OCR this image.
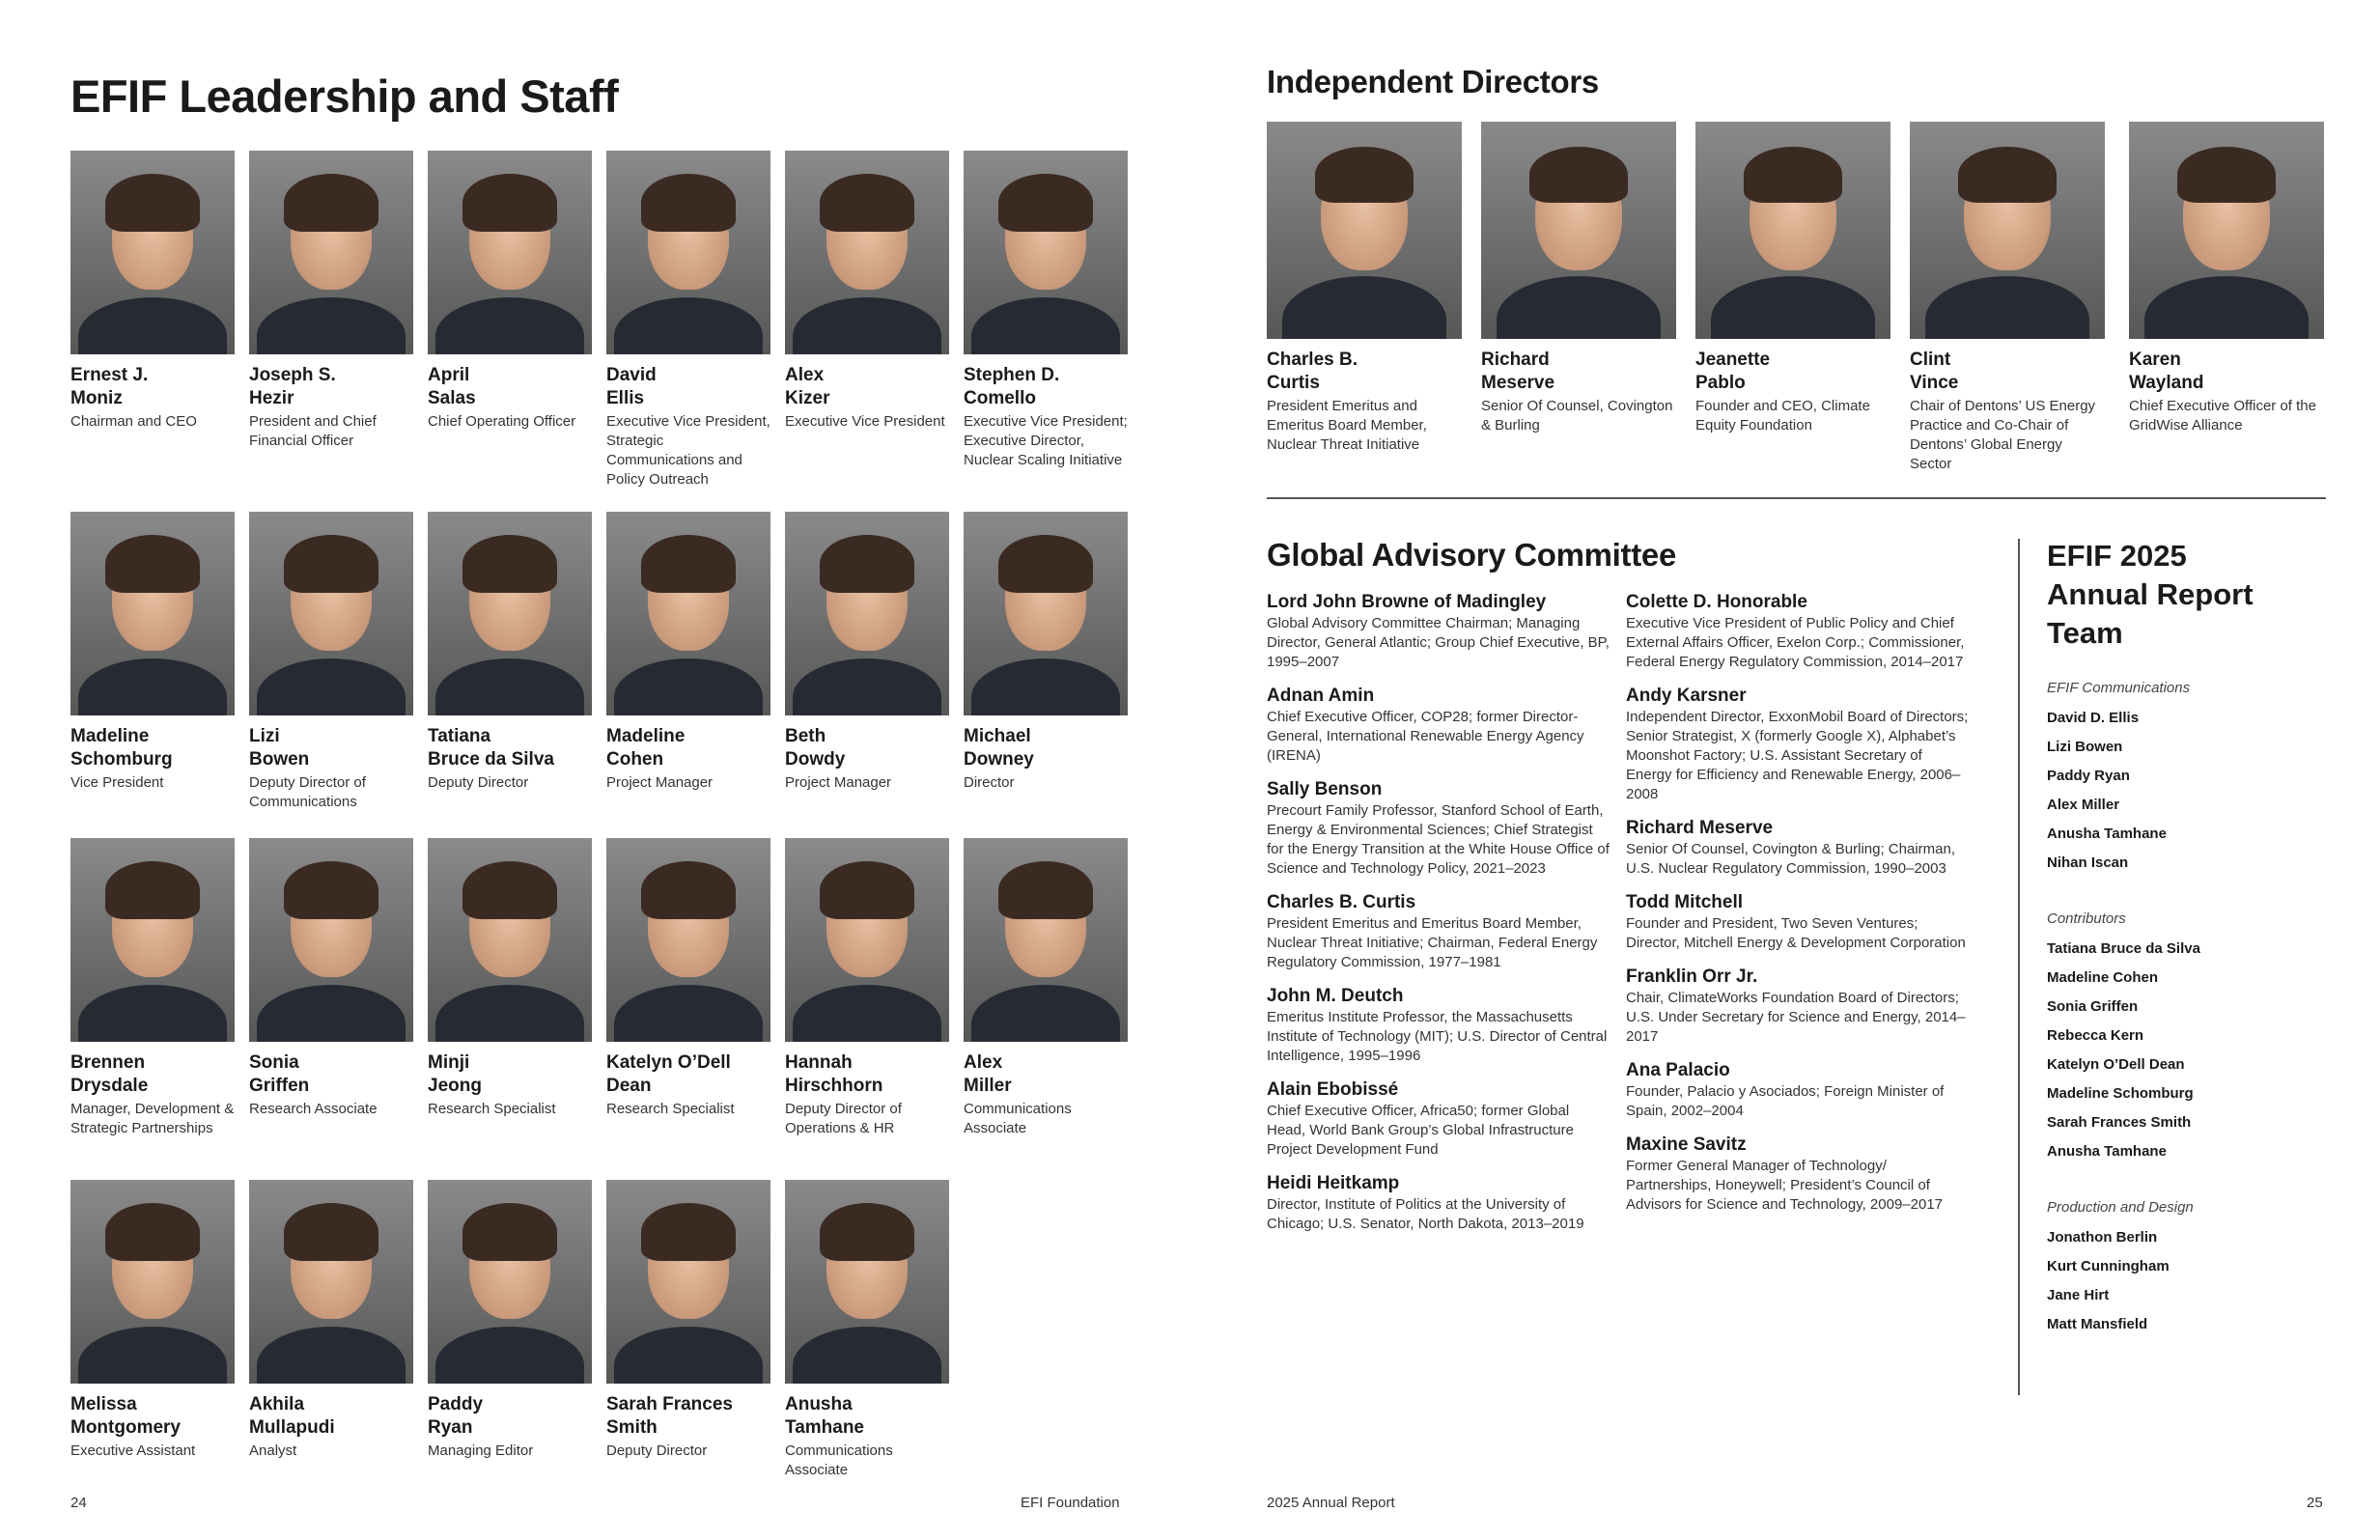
EFIF Leadership and Staff
Ernest J.
Moniz
Chairman and CEO
Joseph S.
Hezir
President and Chief Financial Officer
April
Salas
Chief Operating Officer
David
Ellis
Executive Vice President, Strategic Communications and Policy Outreach
Alex
Kizer
Executive Vice President
Stephen D.
Comello
Executive Vice President; Executive Director, Nuclear Scaling Initiative
Madeline
Schomburg
Vice President
Lizi
Bowen
Deputy Director of Communications
Tatiana
Bruce da Silva
Deputy Director
Madeline
Cohen
Project Manager
Beth
Dowdy
Project Manager
Michael
Downey
Director
Brennen
Drysdale
Manager, Development & Strategic Partnerships
Sonia
Griffen
Research Associate
Minji
Jeong
Research Specialist
Katelyn O’Dell
Dean
Research Specialist
Hannah
Hirschhorn
Deputy Director of Operations & HR
Alex
Miller
Communications Associate
Melissa
Montgomery
Executive Assistant
Akhila
Mullapudi
Analyst
Paddy
Ryan
Managing Editor
Sarah Frances
Smith
Deputy Director
Anusha
Tamhane
Communications Associate
24	EFI Foundation
Independent Directors
Charles B.
Curtis
President Emeritus and Emeritus Board Member, Nuclear Threat Initiative
Richard
Meserve
Senior Of Counsel, Covington & Burling
Jeanette
Pablo
Founder and CEO, Climate Equity Foundation
Clint
Vince
Chair of Dentons’ US Energy Practice and Co-Chair of Dentons’ Global Energy Sector
Karen
Wayland
Chief Executive Officer of the GridWise Alliance
Global Advisory Committee
Lord John Browne of Madingley
Global Advisory Committee Chairman; Managing Director, General Atlantic; Group Chief Executive, BP, 1995–2007
Adnan Amin
Chief Executive Officer, COP28; former Director-General, International Renewable Energy Agency (IRENA)
Sally Benson
Precourt Family Professor, Stanford School of Earth, Energy & Environmental Sciences; Chief Strategist for the Energy Transition at the White House Office of Science and Technology Policy, 2021–2023
Charles B. Curtis
President Emeritus and Emeritus Board Member, Nuclear Threat Initiative; Chairman, Federal Energy Regulatory Commission, 1977–1981
John M. Deutch
Emeritus Institute Professor, the Massachusetts Institute of Technology (MIT); U.S. Director of Central Intelligence, 1995–1996
Alain Ebobissé
Chief Executive Officer, Africa50; former Global Head, World Bank Group’s Global Infrastructure Project Development Fund
Heidi Heitkamp
Director, Institute of Politics at the University of Chicago; U.S. Senator, North Dakota, 2013–2019
Colette D. Honorable
Executive Vice President of Public Policy and Chief External Affairs Officer, Exelon Corp.; Commissioner, Federal Energy Regulatory Commission, 2014–2017
Andy Karsner
Independent Director, ExxonMobil Board of Directors; Senior Strategist, X (formerly Google X), Alphabet’s Moonshot Factory; U.S. Assistant Secretary of Energy for Efficiency and Renewable Energy, 2006–2008
Richard Meserve
Senior Of Counsel, Covington & Burling; Chairman, U.S. Nuclear Regulatory Commission, 1990–2003
Todd Mitchell
Founder and President, Two Seven Ventures; Director, Mitchell Energy & Development Corporation
Franklin Orr Jr.
Chair, ClimateWorks Foundation Board of Directors; U.S. Under Secretary for Science and Energy, 2014–2017
Ana Palacio
Founder, Palacio y Asociados; Foreign Minister of Spain, 2002–2004
Maxine Savitz
Former General Manager of Technology/ Partnerships, Honeywell; President’s Council of Advisors for Science and Technology, 2009–2017
EFIF 2025
Annual Report
Team
EFIF Communications
David D. Ellis
Lizi Bowen
Paddy Ryan
Alex Miller
Anusha Tamhane
Nihan Iscan
Contributors
Tatiana Bruce da Silva
Madeline Cohen
Sonia Griffen
Rebecca Kern
Katelyn O’Dell Dean
Madeline Schomburg
Sarah Frances Smith
Anusha Tamhane
Production and Design
Jonathon Berlin
Kurt Cunningham
Jane Hirt
Matt Mansfield
2025 Annual Report	25
